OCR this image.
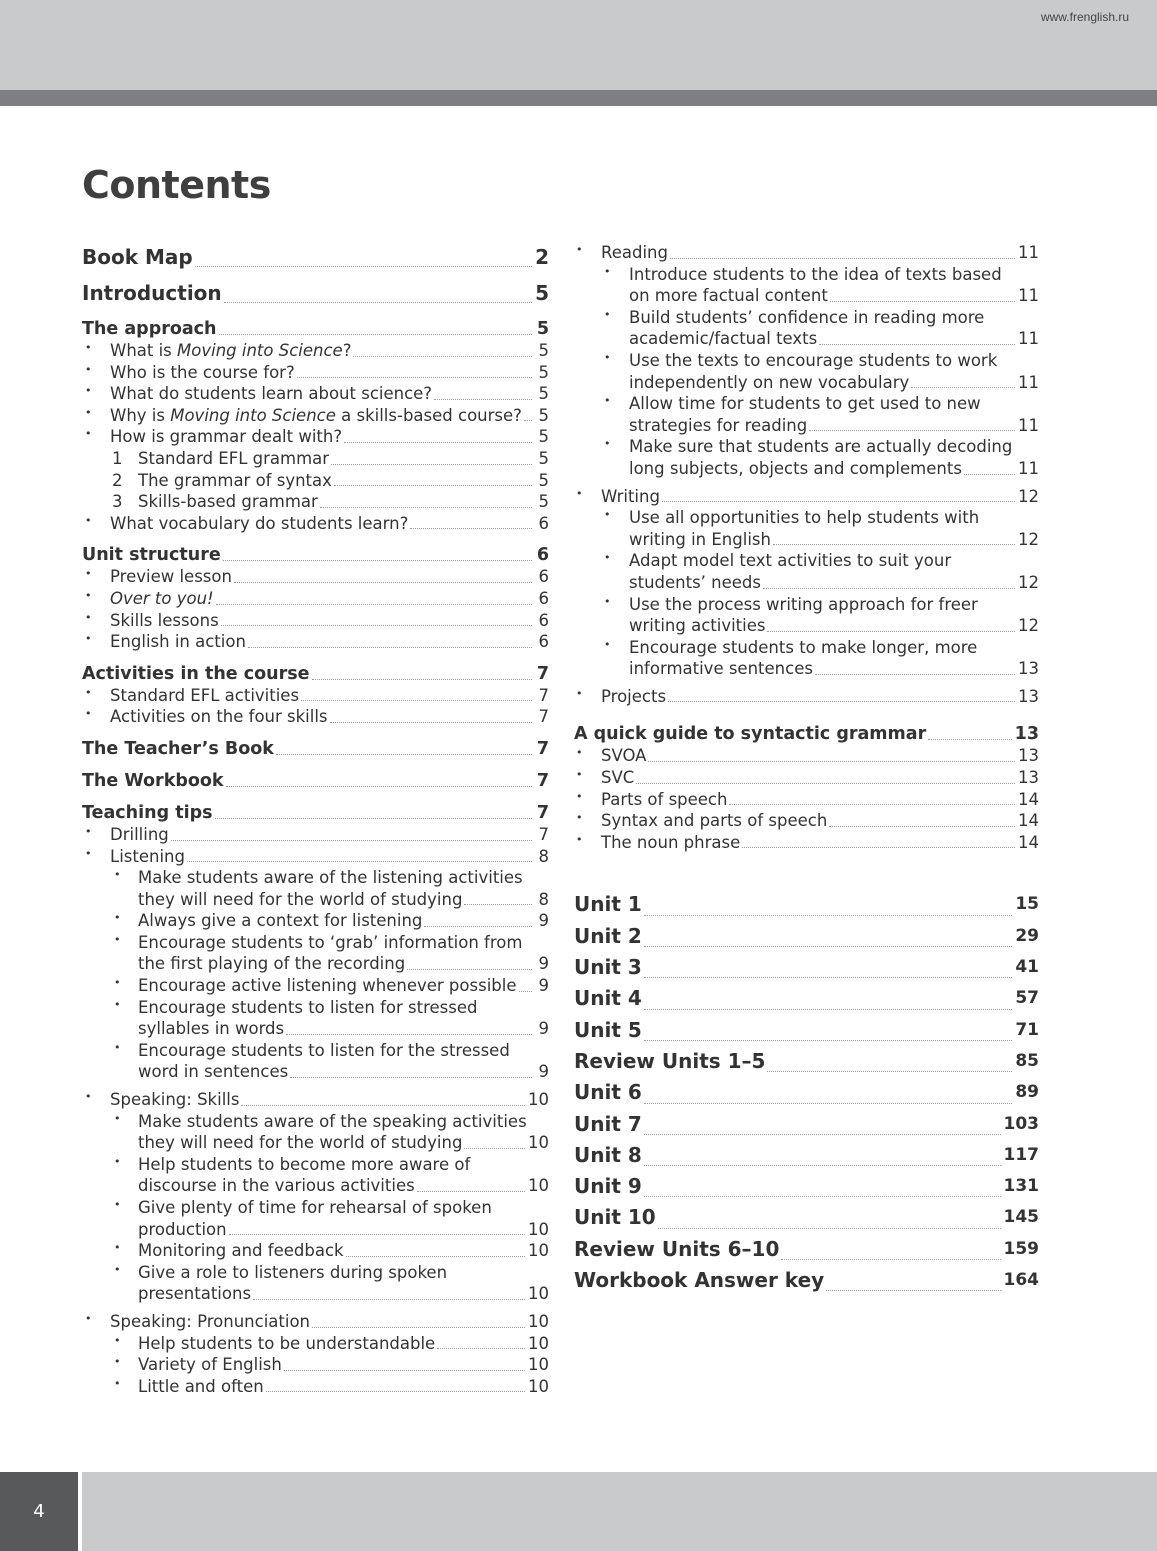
www.frenglish.ru
Contents
Book Map	2
Introduction	5
The approach	5
• What is Moving into Science?	5
• Who is the course for?	5
• What do students learn about science?	5
• Why is Moving into Science a skills-based course? 5
• How is grammar dealt with?	5
1 Standard EFL grammar	5
2 The grammar of syntax	5
3 Skills-based grammar	5
• What vocabulary do students learn?	6
Unit structure	6
• Preview lesson	6
• Over to you!	6
• Skills lessons	6
• English in action	6
Activities in the course	7
• Standard EFL activities	7
• Activities on the four skills	7
The Teacher’s Book	7
The Workbook	7
Teaching tips	7
• Drilling	7
• Listening	8
• Make students aware of the listening activities
they will need for the world of studying	8
• Always give a context for listening	9
• Encourage students to ‘grab’ information from
the first playing of the recording	9
• Encourage active listening whenever possible 9
• Encourage students to listen for stressed
syllables in words	9
• Encourage students to listen for the stressed
word in sentences	9
• Speaking: Skills	10
• Make students aware of the speaking activities
they will need for the world of studying	10
• Help students to become more aware of
discourse in the various activities	10
• Give plenty of time for rehearsal of spoken
production	10
• Monitoring and feedback	10
• Give a role to listeners during spoken
presentations	10
• Speaking: Pronunciation	10
• Help students to be understandable	10
• Variety of English	10
• Little and often	10
• Reading	11
• Introduce students to the idea of texts based
on more factual content	11
• Build students’ confidence in reading more
academic/factual texts	11
• Use the texts to encourage students to work
independently on new vocabulary	11
• Allow time for students to get used to new
strategies for reading	11
• Make sure that students are actually decoding
long subjects, objects and complements	11
• Writing	12
• Use all opportunities to help students with
writing in English	12
• Adapt model text activities to suit your
students’ needs	12
• Use the process writing approach for freer
writing activities	12
• Encourage students to make longer, more
informative sentences	13
• Projects	13
A quick guide to syntactic grammar	13
• SVOA	13
• SVC	13
• Parts of speech	14
• Syntax and parts of speech	14
• The noun phrase	14
Unit 1	15
Unit 2	29
Unit 3	41
Unit 4	57
Unit 5	71
Review Units 1–5	85
Unit 6	89
Unit 7	103
Unit 8	117
Unit 9	131
Unit 10	145
Review Units 6–10	159
Workbook Answer key	164
4
